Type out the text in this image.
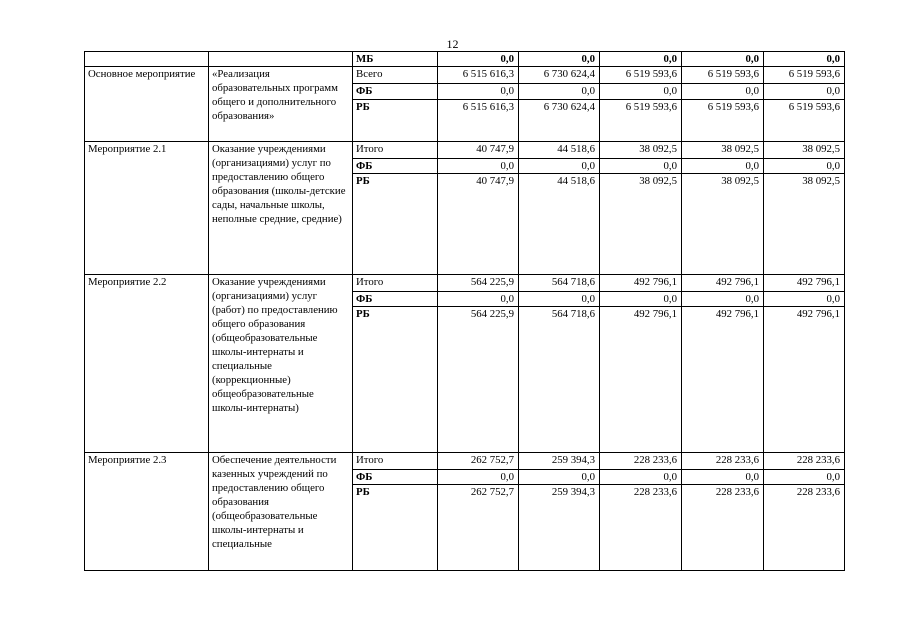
12
		МБ	0,0	0,0	0,0	0,0	0,0
Основное мероприятие	«Реализация образовательных программ общего и дополнительного образования»	Всего	6 515 616,3	6 730 624,4	6 519 593,6	6 519 593,6	6 519 593,6
		ФБ	0,0	0,0	0,0	0,0	0,0
		РБ	6 515 616,3	6 730 624,4	6 519 593,6	6 519 593,6	6 519 593,6
Мероприятие 2.1	Оказание учреждениями (организациями) услуг по предоставлению общего образования (школы-детские сады, начальные школы, неполные средние, средние)	Итого	40 747,9	44 518,6	38 092,5	38 092,5	38 092,5
		ФБ	0,0	0,0	0,0	0,0	0,0
		РБ	40 747,9	44 518,6	38 092,5	38 092,5	38 092,5
Мероприятие 2.2	Оказание учреждениями (организациями) услуг (работ) по предоставлению общего образования (общеобразовательные школы-интернаты и специальные (коррекционные) общеобразовательные школы-интернаты)	Итого	564 225,9	564 718,6	492 796,1	492 796,1	492 796,1
		ФБ	0,0	0,0	0,0	0,0	0,0
		РБ	564 225,9	564 718,6	492 796,1	492 796,1	492 796,1
Мероприятие 2.3	Обеспечение деятельности казенных учреждений по предоставлению общего образования (общеобразовательные школы-интернаты и специальные	Итого	262 752,7	259 394,3	228 233,6	228 233,6	228 233,6
		ФБ	0,0	0,0	0,0	0,0	0,0
		РБ	262 752,7	259 394,3	228 233,6	228 233,6	228 233,6
